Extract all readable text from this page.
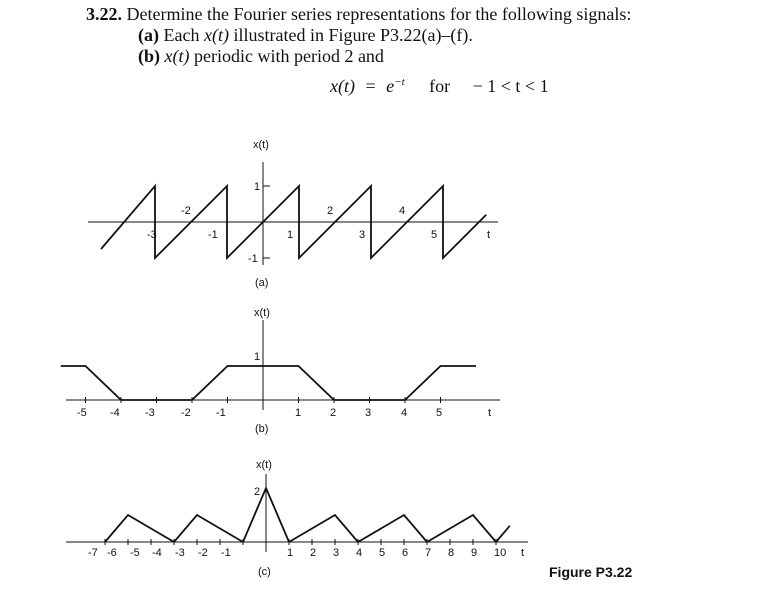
3.22. Determine the Fourier series representations for the following signals:
(a) Each x(t) illustrated in Figure P3.22(a)–(f).
(b) x(t) periodic with period 2 and
$x(t) = e^{-t}$ for − 1 < t < 1
x(t)
1
-1
-3
-2
-1	1
2
3
4
5	t
(a)
x(t)
1
-5 -4 -3 -2 -1	1	2	3	4	5	t
(b)
x(t)
2
-7 -6 -5 -4 -3 -2 -1	1 2 3 4 5 6 7 8 9 10 t
(c)	Figure P3.22
